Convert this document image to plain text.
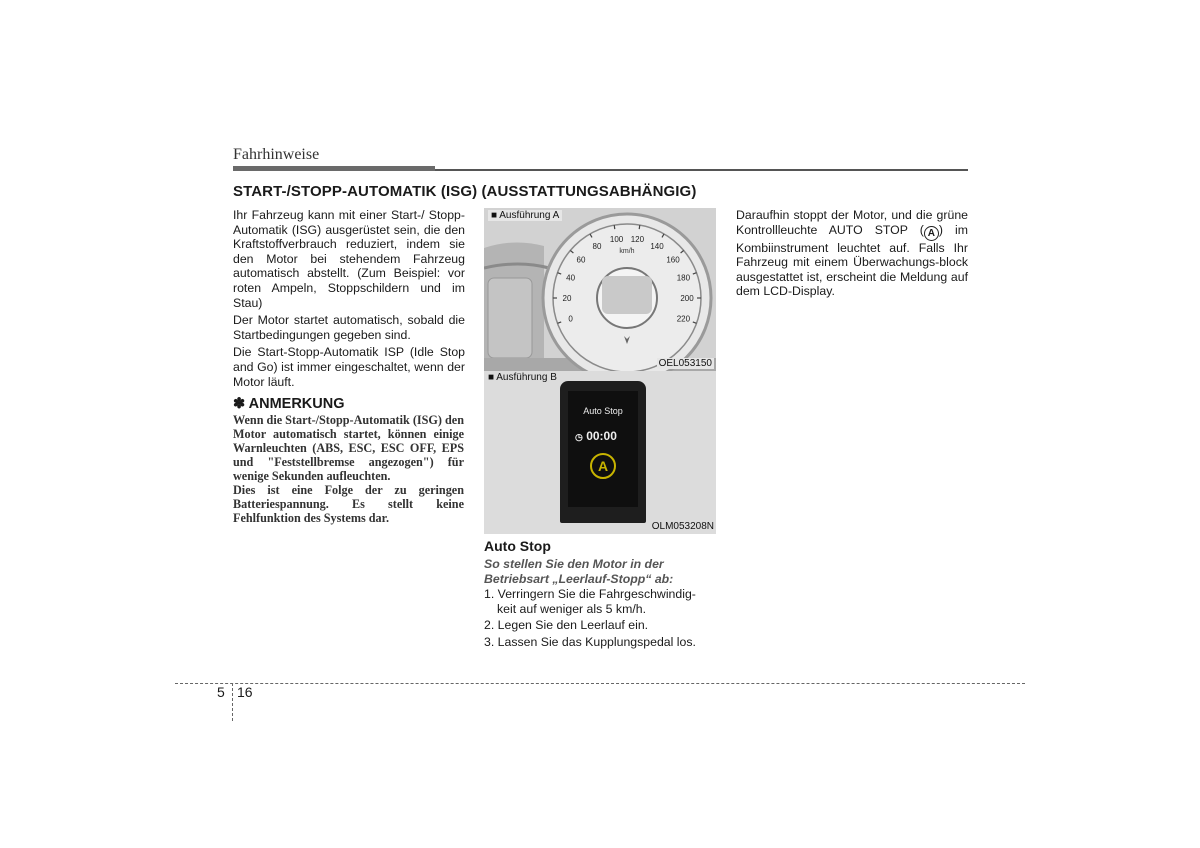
Fahrhinweise
START-/STOPP-AUTOMATIK (ISG) (AUSSTATTUNGSABHÄNGIG)

Ihr Fahrzeug kann mit einer Start-/ Stopp-Automatik (ISG) ausgerüstet sein, die den Kraftstoffverbrauch reduziert, indem sie den Motor bei stehendem Fahrzeug automatisch abstellt. (Zum Beispiel: vor roten Ampeln, Stoppschildern und im Stau)

Der Motor startet automatisch, sobald die Startbedingungen gegeben sind.

Die Start-Stopp-Automatik ISP (Idle Stop and Go) ist immer eingeschaltet, wenn der Motor läuft.

✽ ANMERKUNG

Wenn die Start-/Stopp-Automatik (ISG) den Motor automatisch startet, können einige Warnleuchten (ABS, ESC, ESC OFF, EPS und "Feststellbremse angezogen") für wenige Sekunden aufleuchten.

Dies ist eine Folge der zu geringen Batteriespannung. Es stellt keine Fehlfunktion des Systems dar.

0
20
40
60
80
100 120
140
160
180
200
220
km/h
■ Ausführung A
OEL053150
Auto Stop
◷ 00:00
A
■ Ausführung B
OLM053208N
Auto Stop
So stellen Sie den Motor in der Betriebsart „Leerlauf-Stopp“ ab:
1. Verringern Sie die Fahrgeschwindig-
keit auf weniger als 5 km/h.
2. Legen Sie den Leerlauf ein.
3. Lassen Sie das Kupplungspedal los.
Daraufhin stoppt der Motor, und die grüne Kontrollleuchte AUTO STOP ( A ) im Kombiinstrument leuchtet auf. Falls Ihr Fahrzeug mit einem Überwachungs-block ausgestattet ist, erscheint die Meldung auf dem LCD-Display.
5 16
